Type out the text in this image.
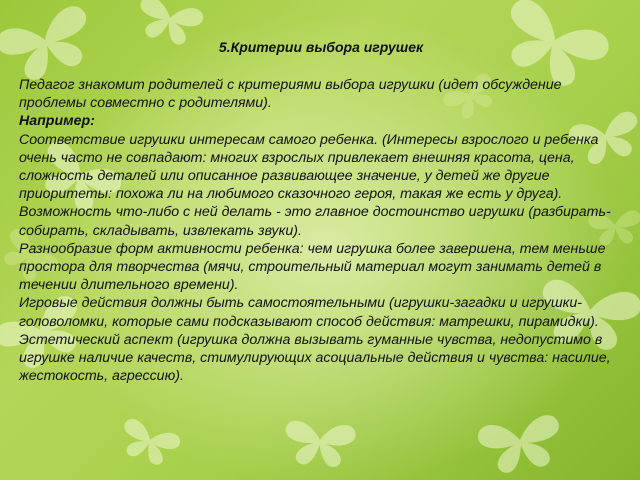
5.Критерии выбора игрушек

Педагог знакомит родителей с критериями выбора игрушки (идет обсуждение проблемы совместно с родителями).

Например:

Соответствие игрушки интересам самого ребенка. (Интересы взрослого и ребенка очень часто не совпадают: многих взрослых привлекает внешняя красота, цена, сложность деталей или описанное развивающее значение, у детей же другие приоритеты: похожа ли на любимого сказочного героя, такая же есть у друга).

Возможность что-либо с ней делать - это главное достоинство игрушки (разбирать-собирать, складывать, извлекать звуки).

Разнообразие форм активности ребенка: чем игрушка более завершена, тем меньше простора для творчества (мячи, строительный материал могут занимать детей в течении длительного времени).

Игровые действия должны быть самостоятельными (игрушки-загадки и игрушки-головоломки, которые сами подсказывают способ действия: матрешки, пирамидки).

Эстетический аспект (игрушка должна вызывать гуманные чувства, недопустимо в игрушке наличие качеств, стимулирующих асоциальные действия и чувства: насилие, жестокость, агрессию).
